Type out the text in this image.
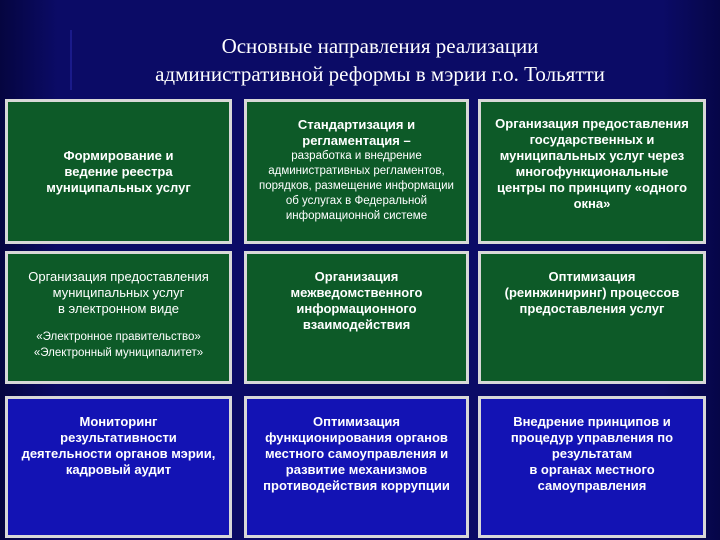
Основные направления реализации
административной реформы в мэрии г.о. Тольятти
Формирование и
ведение реестра
муниципальных услуг
Стандартизация и
регламентация –
разработка и внедрение
административных регламентов,
порядков, размещение информации
об услугах в Федеральной
информационной системе
Организация предоставления
государственных и
муниципальных услуг через
многофункциональные
центры по принципу «одного
окна»
Организация предоставления
муниципальных услуг
в электронном виде
«Электронное правительство»
«Электронный муниципалитет»
Организация
межведомственного
информационного
взаимодействия
Оптимизация
(реинжиниринг) процессов
предоставления услуг
Мониторинг
результативности
деятельности органов мэрии,
кадровый аудит
Оптимизация
функционирования органов
местного самоуправления и
развитие механизмов
противодействия коррупции
Внедрение принципов и
процедур управления по
результатам
в органах местного
самоуправления
